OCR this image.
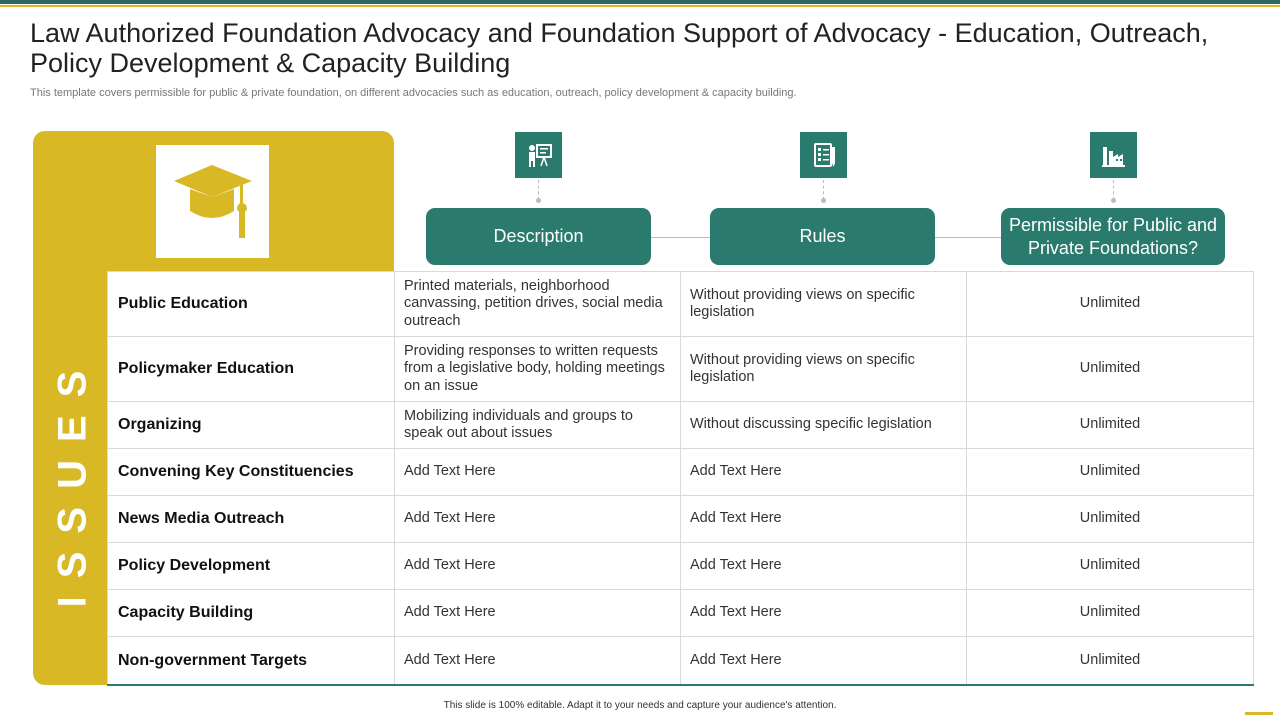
Law Authorized Foundation Advocacy and Foundation Support of Advocacy - Education, Outreach, Policy Development & Capacity Building
This template covers permissible for public & private foundation, on different advocacies such as education, outreach, policy development & capacity building.
ISSUES
Description	Rules
Permissible for Public and Private Foundations?
Public Education	Printed materials, neighborhood canvassing, petition drives, social media outreach	Without providing views on specific legislation	Unlimited
Policymaker Education	Providing responses to written requests from a legislative body, holding meetings on an issue	Without providing views on specific legislation	Unlimited
Organizing	Mobilizing individuals and groups to speak out about issues	Without discussing specific legislation	Unlimited
Convening Key Constituencies	Add Text Here	Add Text Here	Unlimited
News Media Outreach	Add Text Here	Add Text Here	Unlimited
Policy Development	Add Text Here	Add Text Here	Unlimited
Capacity Building	Add Text Here	Add Text Here	Unlimited
Non-government Targets	Add Text Here	Add Text Here	Unlimited
This slide is 100% editable. Adapt it to your needs and capture your audience's attention.
